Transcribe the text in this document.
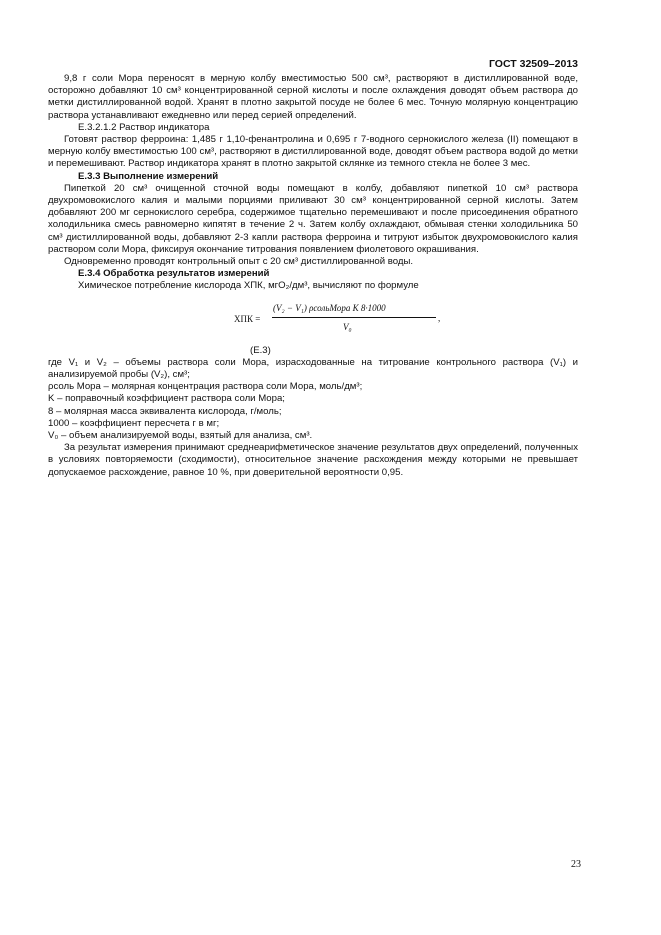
ГОСТ 32509–2013

9,8 г соли Мора переносят в мерную колбу вместимостью 500 см³, растворяют в дистиллированной воде, осторожно добавляют 10 см³ концентрированной серной кислоты и после охлаждения доводят объем раствора до метки дистиллированной водой. Хранят в плотно закрытой посуде не более 6 мес. Точную молярную концентрацию раствора устанавливают ежедневно или перед серией определений.

Е.3.2.1.2 Раствор индикатора

Готовят раствор ферроина: 1,485 г 1,10-фенантролина и 0,695 г 7-водного сернокислого железа (II) помещают в мерную колбу вместимостью 100 см³, растворяют в дистиллированной воде, доводят объем раствора водой до метки и перемешивают. Раствор индикатора хранят в плотно закрытой склянке из темного стекла не более 3 мес.

Е.3.3 Выполнение измерений

Пипеткой 20 см³ очищенной сточной воды помещают в колбу, добавляют пипеткой 10 см³ раствора двухромовокислого калия и малыми порциями приливают 30 см³ концентрированной серной кислоты. Затем добавляют 200 мг сернокислого серебра, содержимое тщательно перемешивают и после присоединения обратного холодильника смесь равномерно кипятят в течение 2 ч. Затем колбу охлаждают, обмывая стенки холодильника 50 см³ дистиллированной воды, добавляют 2-3 капли раствора ферроина и титруют избыток двухромовокислого калия раствором соли Мора, фиксируя окончание титрования появлением фиолетового окрашивания.

Одновременно проводят контрольный опыт с 20 см³ дистиллированной воды.

Е.3.4 Обработка результатов измерений

Химическое потребление кислорода ХПК, мгО₂/дм³, вычисляют по формуле

ХПК =
(V₂ − V₁) ρсольМора K 8·1000
V₀
,

(Е.3)

где V₁ и V₂ – объемы раствора соли Мора, израсходованные на титрование контрольного раствора (V₁) и анализируемой пробы (V₂), см³;

ρсоль Мора – молярная концентрация раствора соли Мора, моль/дм³;

K – поправочный коэффициент раствора соли Мора;

8 – молярная масса эквивалента кислорода, г/моль;

1000 – коэффициент пересчета г в мг;

V₀ – объем анализируемой воды, взятый для анализа, см³.

За результат измерения принимают среднеарифметическое значение результатов двух определений, полученных в условиях повторяемости (сходимости), относительное значение расхождения между которыми не превышает допускаемое расхождение, равное 10 %, при доверительной вероятности 0,95.

23
